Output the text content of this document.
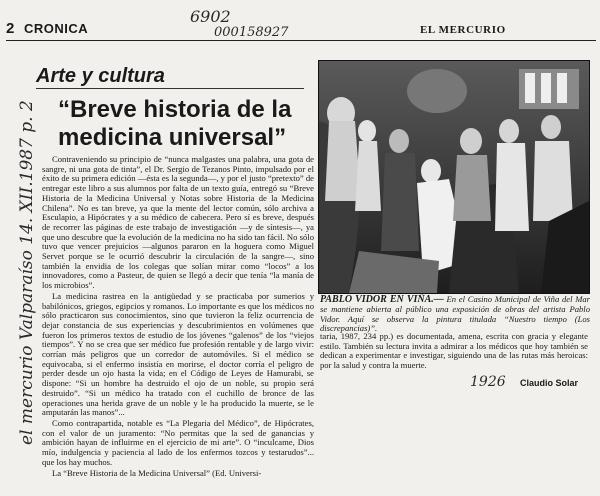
2 CRONICA
6902
000158927	EL MERCURIO
Arte y cultura
“Breve historia de la medicina universal”

Contraveniendo su principio de “nunca malgastes una palabra, una gota de sangre, ni una gota de tinta”, el Dr. Sergio de Tezanos Pinto, impulsado por el éxito de su primera edición —ésta es la segunda—, y por el justo “pretexto” de entregar este libro a sus alumnos por falta de un texto guía, entregó su “Breve Historia de la Medicina Universal y Notas sobre Historia de la Medicina Chilena”. No es tan breve, ya que la mente del lector común, sólo archiva a Esculapio, a Hipócrates y a su médico de cabecera. Pero sí es breve, después de recorrer las páginas de este trabajo de investigación —y de síntesis—, ya que uno descubre que la evolución de la medicina no ha sido tan fácil. No sólo tuvo que vencer prejuicios —algunos pararon en la hoguera como Miguel Servet porque se le ocurrió descubrir la circulación de la sangre—, sino también la envidia de los colegas que solían mirar como “locos” a los innovadores, como a Pasteur, de quien se llegó a decir que tenía “la manía de los microbios”.

La medicina rastrea en la antigüedad y se practicaba por sumerios y babilónicos, griegos, egipcios y romanos. Lo importante es que los médicos no sólo practicaron sus conocimientos, sino que tuvieron la feliz ocurrencia de dejar constancia de sus experiencias y descubrimientos en volúmenes que fueron los primeros textos de estudio de los jóvenes “galenos” de los “viejos tiempos”. Y no se crea que ser médico fue profesión rentable y de largo vivir: corrían más peligros que un corredor de automóviles. Si el médico se equivocaba, si el enfermo insistía en morirse, el doctor corría el peligro de perder desde un ojo hasta la vida; en el Código de Leyes de Hamurabi, se dispone: “Si un hombre ha destruido el ojo de un noble, su propio será destruido”. “Si un médico ha tratado con el cuchillo de bronce de las operaciones una herida grave de un noble y le ha producido la muerte, se le amputarán las manos”...

Como contrapartida, notable es “La Plegaria del Médico”, de Hipócrates, con el valor de un juramento: “No permitas que la sed de ganancias y ambición hayan de influirme en el ejercicio de mi arte”. O “inculcame, Dios mío, indulgencia y paciencia al lado de los enfermos tozcos y testarudos”... que los hay muchos.

La “Breve Historia de la Medicina Universal” (Ed. Universi-

PABLO VIDOR EN VIÑA.— En el Casino Municipal de Viña del Mar se mantiene abierta al público una exposición de obras del artista Pablo Vidor. Aquí se observa la pintura titulada “Nuestro tiempo (Los discrepancias)”.
taria, 1987, 234 pp.) es documentada, amena, escrita con gracia y elegante estilo. También su lectura invita a admirar a los médicos que hoy también se dedican a experimentar e investigar, siguiendo una de las rutas más heroicas: por la salud y contra la muerte.
1926 Claudio Solar
el mercurio Valparaíso 14. XII.1987 p. 2
